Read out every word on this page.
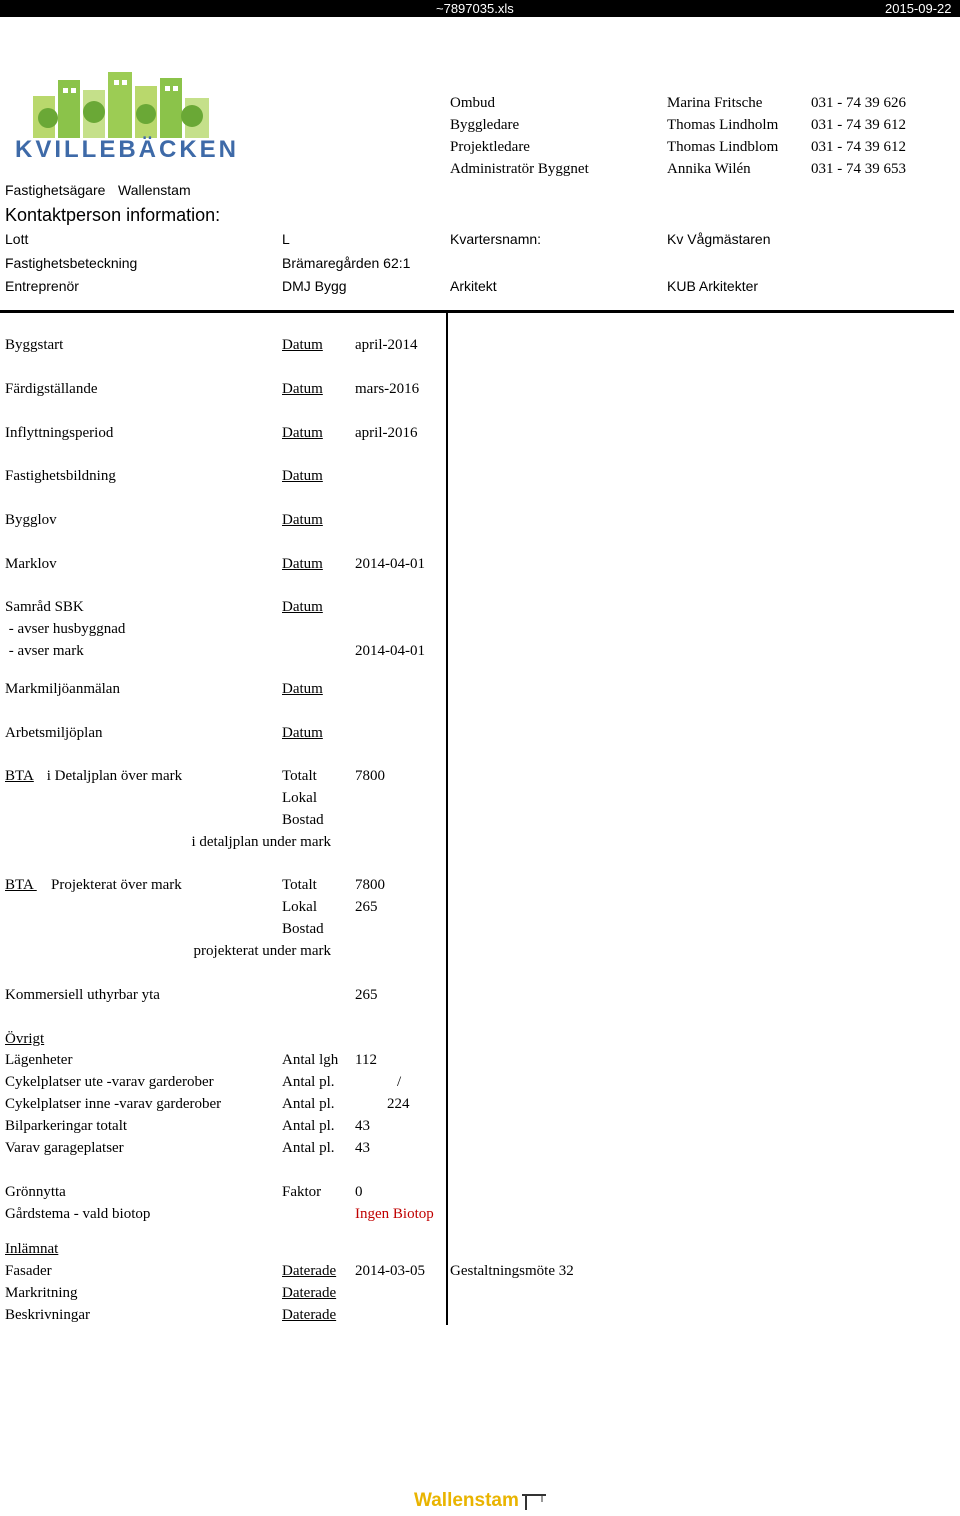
~7897035.xls	2015-09-22
KVILLEBÄCKEN
Ombud	Marina Fritsche	031 - 74 39 626
Byggledare	Thomas Lindholm 031 - 74 39 612
Projektledare	Thomas Lindblom 031 - 74 39 612
Administratör Byggnet	Annika Wilén	031 - 74 39 653
Fastighetsägare Wallenstam
Kontaktperson information:
Lott	L	Kvartersnamn:	Kv Vågmästaren
Fastighetsbeteckning	Brämaregården 62:1
Entreprenör	DMJ Bygg	Arkitekt	KUB Arkitekter
Byggstart	Datum april-2014
Färdigställande	Datum mars-2016
Inflyttningsperiod	Datum april-2016
Fastighetsbildning	Datum
Bygglov	Datum
Marklov	Datum 2014-04-01
Samråd SBK	Datum
- avser husbyggnad
- avser mark	2014-04-01
Markmiljöanmälan	Datum
Arbetsmiljöplan	Datum
BTA i Detaljplan över mark	Totalt	7800
Lokal
Bostad
i detaljplan under mark
BTA Projekterat över mark	Totalt	7800
Lokal	265
Bostad
projekterat under mark
Kommersiell uthyrbar yta	265
Övrigt
Lägenheter	Antal lgh 112
Cykelplatser ute -varav garderober	Antal pl.	/
Cykelplatser inne -varav garderober	Antal pl.	224
Bilparkeringar totalt	Antal pl. 43
Varav garageplatser	Antal pl. 43
Grönnytta	Faktor 0
Gårdstema - vald biotop	Ingen Biotop
Inlämnat
Fasader	Daterade 2014-03-05 Gestaltningsmöte 32
Markritning	Daterade
Beskrivningar	Daterade
Wallenstam
